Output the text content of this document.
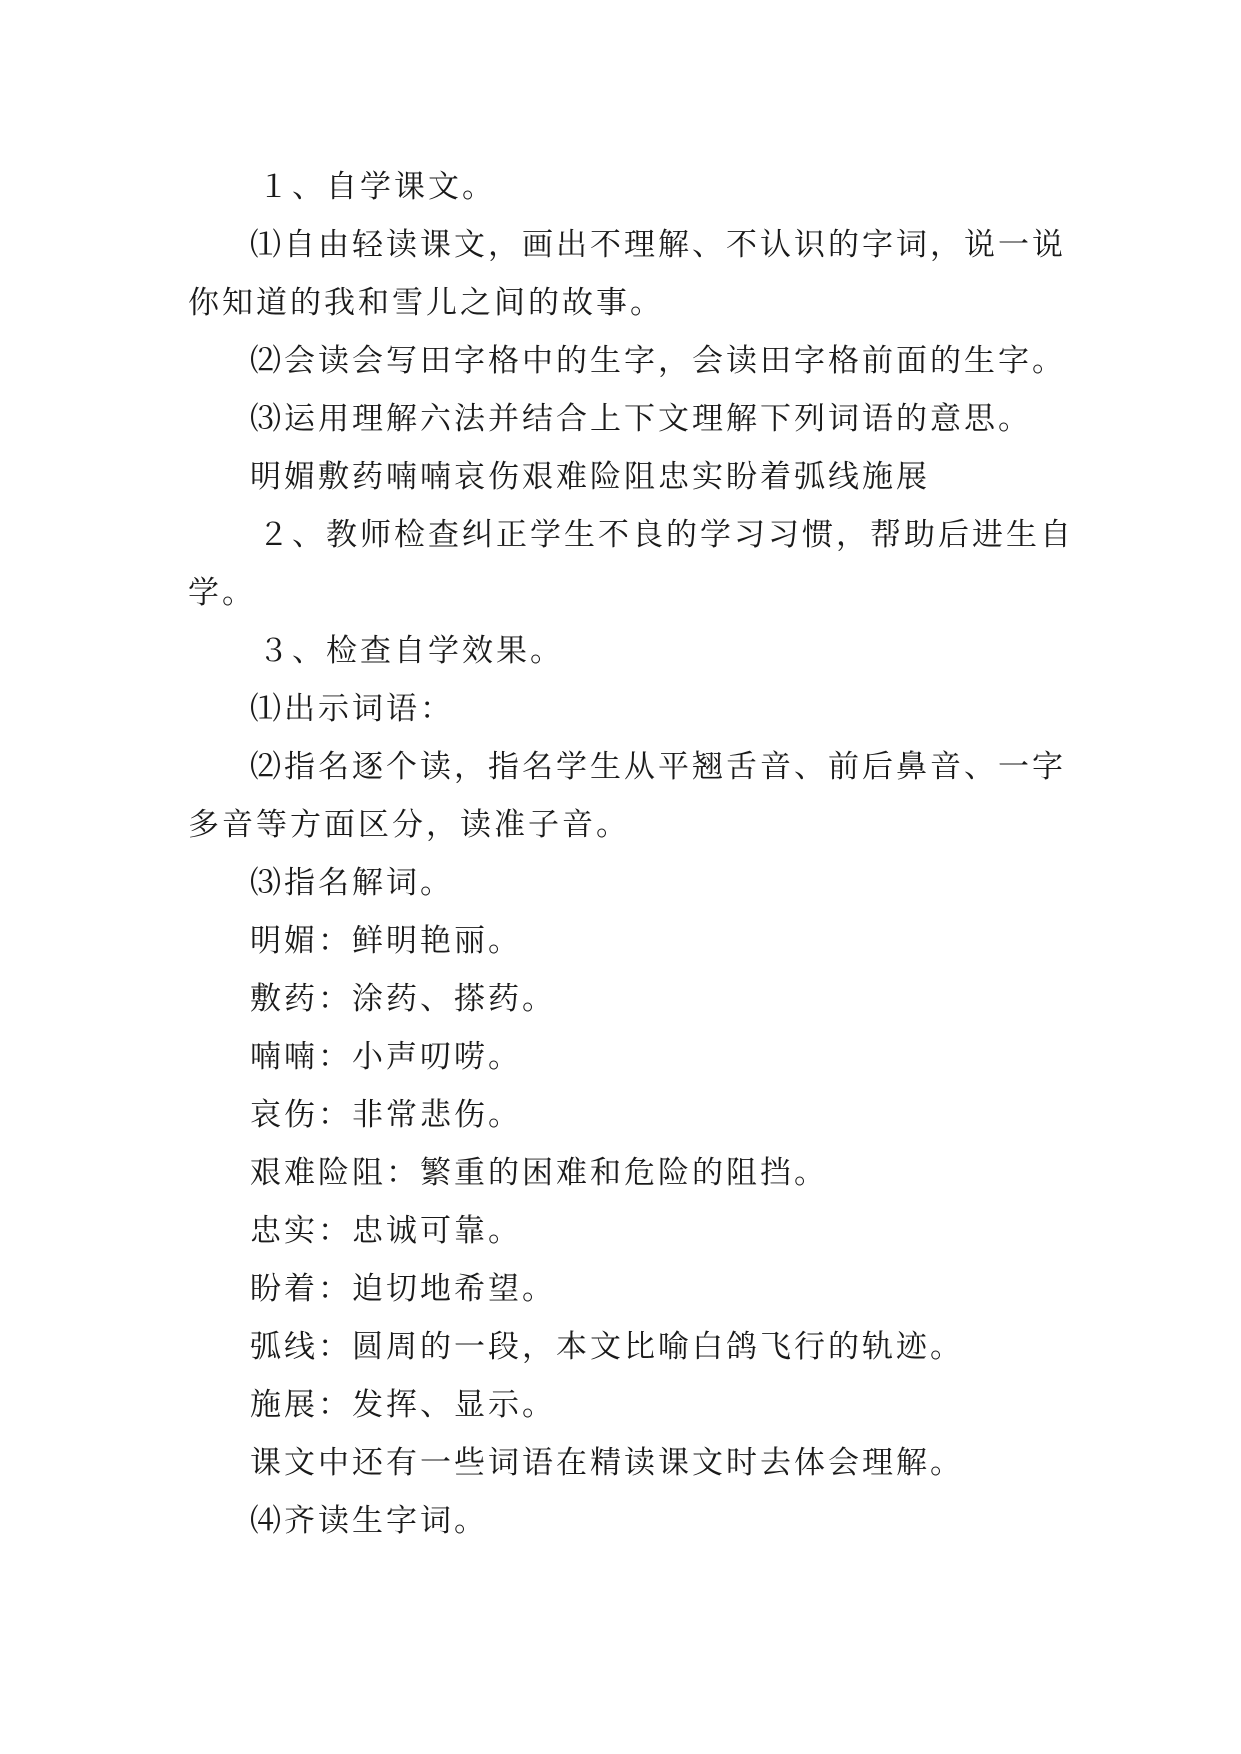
１、自学课文。

⑴自由轻读课文，画出不理解、不认识的字词，说一说

你知道的我和雪儿之间的故事。

⑵会读会写田字格中的生字，会读田字格前面的生字。

⑶运用理解六法并结合上下文理解下列词语的意思。

明媚敷药喃喃哀伤艰难险阻忠实盼着弧线施展

２、教师检查纠正学生不良的学习习惯，帮助后进生自

学。

３、检查自学效果。

⑴出示词语：

⑵指名逐个读，指名学生从平翘舌音、前后鼻音、一字

多音等方面区分，读准子音。

⑶指名解词。

明媚：鲜明艳丽。

敷药：涂药、搽药。

喃喃：小声叨唠。

哀伤：非常悲伤。

艰难险阻：繁重的困难和危险的阻挡。

忠实：忠诚可靠。

盼着：迫切地希望。

弧线：圆周的一段，本文比喻白鸽飞行的轨迹。

施展：发挥、显示。

课文中还有一些词语在精读课文时去体会理解。

⑷齐读生字词。
